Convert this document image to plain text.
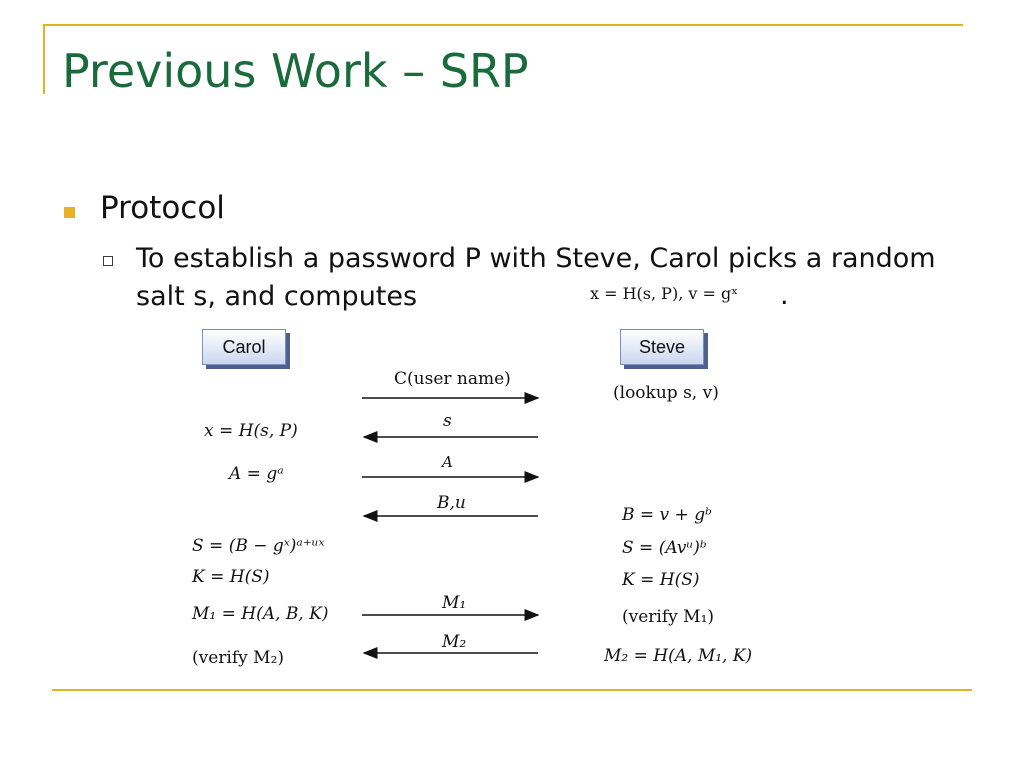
Previous Work – SRP
Protocol
To establish a password P with Steve, Carol picks a random salt s, and computes	x = H(s, P), v = gˣ .
Carol	Steve
C(user name)
s
A
B,u
M₁
M₂
x = H(s, P)
A = gᵃ
S = (B − gˣ)ᵃ⁺ᵘˣ
K = H(S)
M₁ = H(A, B, K)
(verify M₂)
(lookup s, v)
B = v + gᵇ
S = (Avᵘ)ᵇ
K = H(S)
(verify M₁)
M₂ = H(A, M₁, K)
